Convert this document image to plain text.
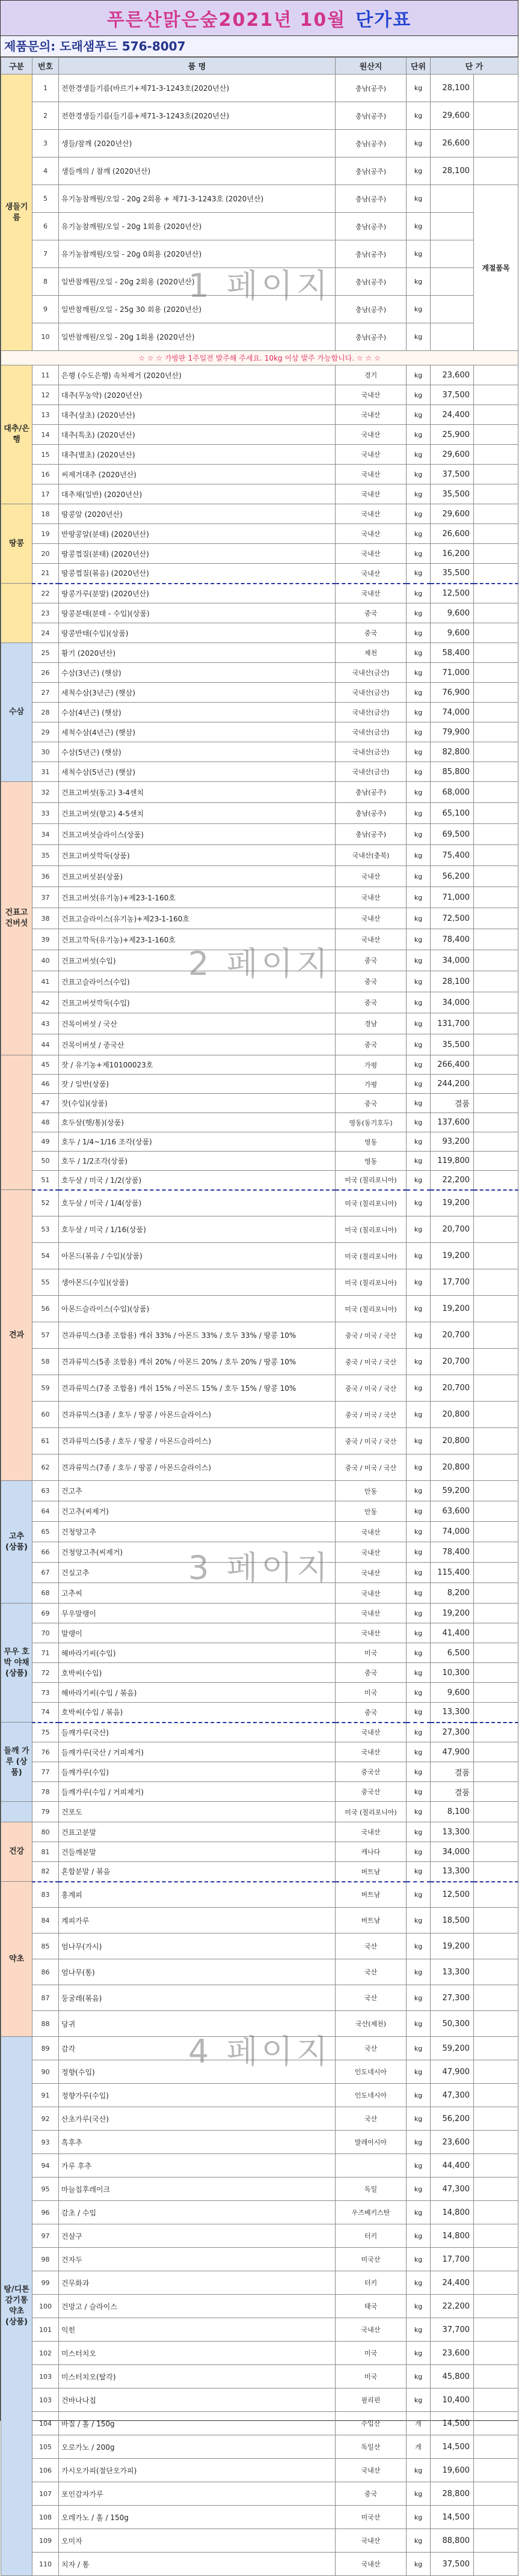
푸른산맑은숲2021년 10월 단가표
제품문의: 도래샘푸드 576-8007
구분	번호	품 명	원산지	단위	단 가	
생들기름	1	전한경생들기름(바르기+제71-3-1243호(2020년산)	충남(공주)	kg	28,100	
	2	전한경생들기름(들기름+제71-3-1243호(2020년산)	충남(공주)	kg	29,600	
	3	생들/참깨 (2020년산)	충남(공주)	kg	26,600	
	4	생들깨의 / 참깨 (2020년산)	충남(공주)	kg	28,100	
	5	유기농참깨원/오일 - 20g 2회용 + 제71-3-1243호 (2020년산)	충남(공주)	kg		계절품목
	6	유기농참깨원/오일 - 20g 1회용 (2020년산)	충남(공주)	kg		
	7	유기농참깨원/오일 - 20g 0회용 (2020년산)	충남(공주)	kg		
	8	일반참깨원/오일 - 20g 2회용 (2020년산)	충남(공주)	kg		
	9	일반참깨원/오일 - 25g 30 회용 (2020년산)	충남(공주)	kg		
	10	일반참깨원/오일 - 20g 1회용 (2020년산)	충남(공주)	kg		
☆ ☆ ☆ 가방판 1주일전 발주해 주세요. 10kg 이상 발주 가능합니다. ☆ ☆ ☆						
대추/은행	11	은행 (수도은행) 속처제거 (2020년산)	경기	kg	23,600	
	12	대추(무농약) (2020년산)	국내산	kg	37,500	
	13	대추(상초) (2020년산)	국내산	kg	24,400	
	14	대추(특초) (2020년산)	국내산	kg	25,900	
	15	대추(별초) (2020년산)	국내산	kg	29,600	
	16	씨제거대추 (2020년산)	국내산	kg	37,500	
	17	대추채(일반) (2020년산)	국내산	kg	35,500	
땅콩	18	땅콩알 (2020년산)	국내산	kg	29,600	
	19	반땅콩알(분태) (2020년산)	국내산	kg	26,600	
	20	땅콩껍질(분태) (2020년산)	국내산	kg	16,200	
	21	땅콩껍질(볶음) (2020년산)	국내산	kg	35,500	
	22	땅콩가루(분말) (2020년산)	국내산	kg	12,500	
	23	땅콩분태(분태 - 수입)(상품)	중국	kg	9,600	
	24	땅콩반태(수입)(상품)	중국	kg	9,600	
수삼	25	황기 (2020년산)	제천	kg	58,400	
	26	수삼(3년근) (햇삼)	국내산(금산)	kg	71,000	
	27	세척수삼(3년근) (햇삼)	국내산(금산)	kg	76,900	
	28	수삼(4년근) (햇삼)	국내산(금산)	kg	74,000	
	29	세척수삼(4년근) (햇삼)	국내산(금산)	kg	79,900	
	30	수삼(5년근) (햇삼)	국내산(금산)	kg	82,800	
	31	세척수삼(5년근) (햇삼)	국내산(금산)	kg	85,800	
건표고 건버섯	32	건표고버섯(동고) 3-4센치	충남(공주)	kg	68,000	
	33	건표고버섯(향고) 4-5센치	충남(공주)	kg	65,100	
	34	건표고버섯슬라이스(상품)	충남(공주)	kg	69,500	
	35	건표고버섯깍둑(상품)	국내산(충북)	kg	75,400	
	36	건표고버섯분(상품)	국내산	kg	56,200	
	37	건표고버섯(유기농)+제23-1-160호	국내산	kg	71,000	
	38	건표고슬라이스(유기농)+제23-1-160호	국내산	kg	72,500	
	39	건표고깍둑(유기농)+제23-1-160호	국내산	kg	78,400	
	40	건표고버섯(수입)	중국	kg	34,000	
	41	건표고슬라이스(수입)	중국	kg	28,100	
	42	건표고버섯깍둑(수입)	중국	kg	34,000	
	43	건목이버섯 / 국산	경남	kg	131,700	
	44	건목이버섯 / 중국산	중국	kg	35,500	
	45	잣 / 유기농+제10100023호	가평	kg	266,400	
	46	잣 / 일반(상품)	가평	kg	244,200	
	47	잣(수입)(상품)	중국	kg	결품	
	48	호두살(햇/통)(상품)	영동(동기호두)	kg	137,600	
	49	호두 / 1/4~1/16 조각(상품)	영동	kg	93,200	
	50	호두 / 1/2조각(상품)	영동	kg	119,800	
	51	호두살 / 미국 / 1/2(상품)	미국 (칠리포니아)	kg	22,200	
견과	52	호두살 / 미국 / 1/4(상품)	미국 (칠리포니아)	kg	19,200	
	53	호두살 / 미국 / 1/16(상품)	미국 (칠리포니아)	kg	20,700	
	54	아몬드(볶음 / 수입)(상품)	미국 (칠리포니아)	kg	19,200	
	55	생아몬드(수입)(상품)	미국 (칠리포니아)	kg	17,700	
	56	아몬드슬라이스(수입)(상품)	미국 (칠리포니아)	kg	19,200	
	57	견과류믹스(3종 조합용) 캐쉬 33% / 아몬드 33% / 호두 33% / 땅콩 10%	중국 / 미국 / 국산	kg	20,700	
	58	견과류믹스(5종 조합용) 캐쉬 20% / 아몬드 20% / 호두 20% / 땅콩 10%	중국 / 미국 / 국산	kg	20,700	
	59	견과류믹스(7종 조합용) 캐쉬 15% / 아몬드 15% / 호두 15% / 땅콩 10%	중국 / 미국 / 국산	kg	20,700	
	60	견과류믹스(3종 / 호두 / 땅콩 / 아몬드슬라이스)	중국 / 미국 / 국산	kg	20,800	
	61	견과류믹스(5종 / 호두 / 땅콩 / 아몬드슬라이스)	중국 / 미국 / 국산	kg	20,800	
	62	견과류믹스(7종 / 호두 / 땅콩 / 아몬드슬라이스)	중국 / 미국 / 국산	kg	20,800	
고추 (상품)	63	건고추	안동	kg	59,200	
	64	건고추(씨제거)	안동	kg	63,600	
	65	건청양고추	국내산	kg	74,000	
	66	건청양고추(씨제거)	국내산	kg	78,400	
	67	건실고추	국내산	kg	115,400	
	68	고추씨	국내산	kg	8,200	
무우 호박 야채 (상품)	69	무우말랭이	국내산	kg	19,200	
	70	말랭이	국내산	kg	41,400	
	71	해바라기씨(수입)	미국	kg	6,500	
	72	호박씨(수입)	중국	kg	10,300	
	73	해바라기씨(수입 / 볶음)	미국	kg	9,600	
	74	호박씨(수입 / 볶음)	중국	kg	13,300	
들깨 가루 (상품)	75	들깨가루(국산)	국내산	kg	27,300	
	76	들깨가루(국산 / 거피제거)	국내산	kg	47,900	
	77	들깨가루(수입)	중국산	kg	결품	
	78	들깨가루(수입 / 거피제거)	중국산	kg	결품	
	79	건포도	미국 (칠리포니아)	kg	8,100	
건강	80	건표고분말	국내산	kg	13,300	
	81	건들깨분말	캐나다	kg	34,000	
	82	혼합분말 / 볶음	버트남	kg	13,300	
약초	83	홍계피	버트남	kg	12,500	
	84	계피가루	버트남	kg	18,500	
	85	엄나무(가시)	국산	kg	19,200	
	86	엄나무(통)	국산	kg	13,300	
	87	둥굴레(볶음)	국산	kg	27,300	
	88	당귀	국산(제천)	kg	50,300	
탕/디톤 감기통 약초 (상품)	89	감각	국산	kg	59,200	
	90	정향(수입)	인도네시아	kg	47,900	
	91	정향가루(수입)	인도네시아	kg	47,300	
	92	산초가루(국산)	국산	kg	56,200	
	93	흑후추	말레이시아	kg	23,600	
	94	가루 후추		kg	44,400	
	95	마늘칩후레이크	독일	kg	47,300	
	96	감초 / 수입	우즈베키스탄	kg	14,800	
	97	건살구	터키	kg	14,800	
	98	건자두	미국산	kg	17,700	
	99	건무화과	터키	kg	24,400	
	100	건망고 / 슬라이스	태국	kg	22,200	
	101	익힌	국내산	kg	37,700	
	102	미스터치오	미국	kg	23,600	
	103	미스터치오(탈각)	미국	kg	45,800	
	103	건바나나칩	필리핀	kg	10,400	
	104	바질 / 홀 / 150g	수입산	개	14,500	
	105	오로가노 / 200g	독일산	개	14,500	
	106	가시오가피(절단오가피)	국내산	kg	19,600	
	107	포인감자가루	중국	kg	28,800	
	108	오레가노 / 홀 / 150g	미국산	kg	14,500	
	109	오미자	국내산	kg	88,800	
	110	치자 / 통	국내산	kg	37,500	
1 페이지
2 페이지
3 페이지
4 페이지
